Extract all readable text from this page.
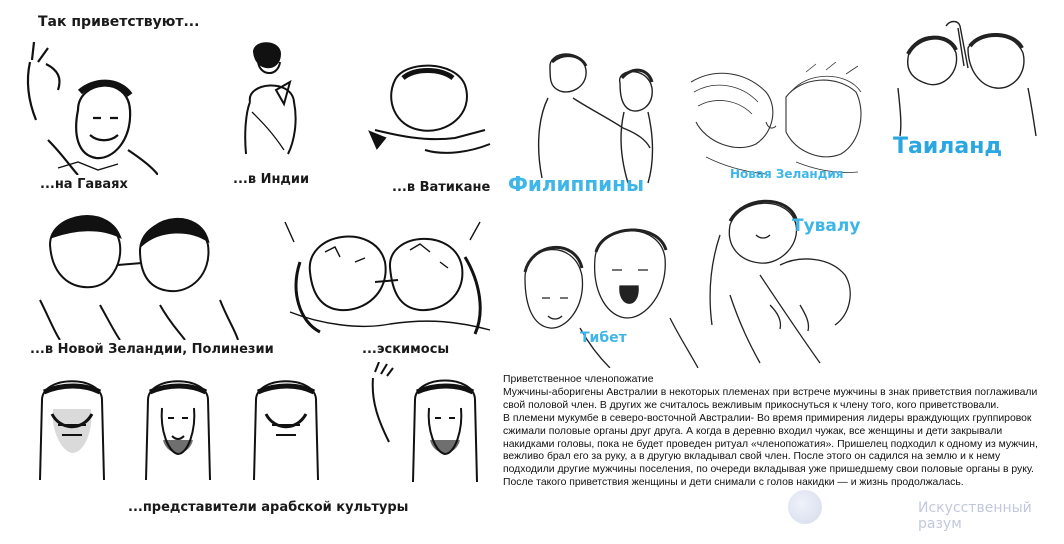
Так приветствуют...
...на Гаваях	...в Индии
...в Ватикане
...в Новой Зеландии, Полинезии	...эскимосы
...представители арабской культуры
Филиппины	Новая Зеландия
Таиланд
Тувалу
Тибет

Приветственное членопожатие

Мужчины-аборигены Австралии в некоторых племенах при встрече мужчины в знак приветствия поглаживали свой половой член. В других же считалось вежливым прикоснуться к члену того, кого приветствовали.

В племени мукумбе в северо-восточной Австралии- Во время примирения лидеры враждующих группировок сжимали половые органы друг друга. А когда в деревню входил чужак, все женщины и дети закрывали накидками головы, пока не будет проведен ритуал «членопожатия». Пришелец подходил к одному из мужчин, вежливо брал его за руку, а в другую вкладывал свой член. После этого он садился на землю и к нему подходили другие мужчины поселения, по очереди вкладывая уже пришедшему свои половые органы в руку. После такого приветствия женщины и дети снимали с голов накидки — и жизнь продолжалась.

Искусственный разум
